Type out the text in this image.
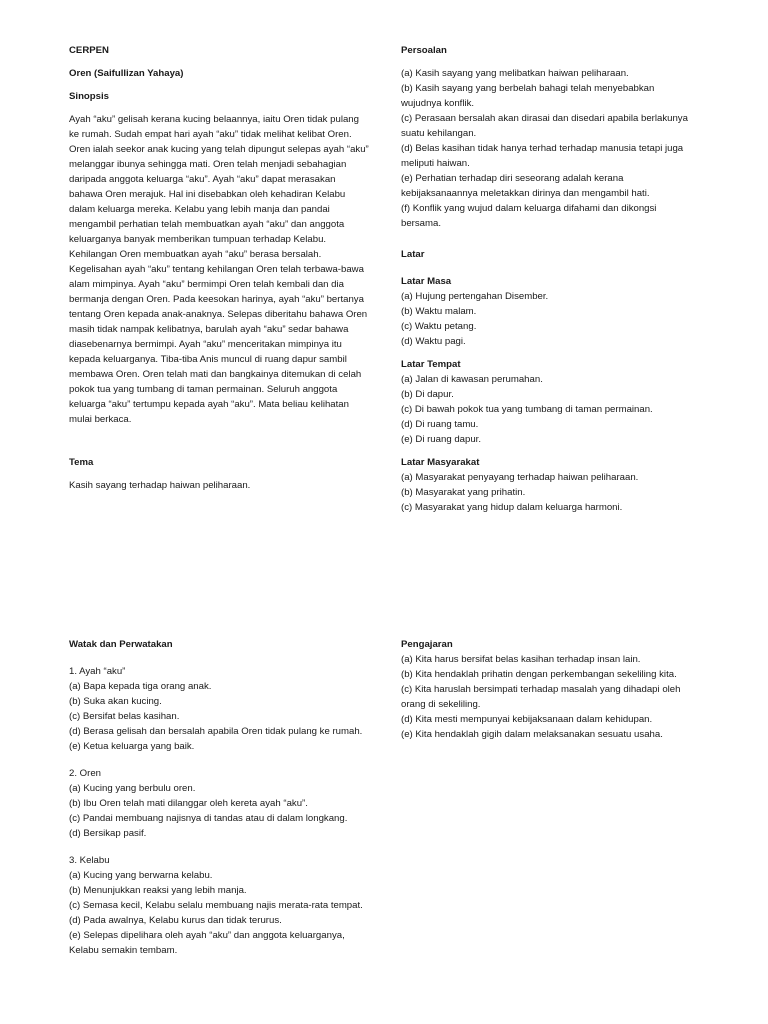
CERPEN

Oren (Saifullizan Yahaya)

Sinopsis

Ayah “aku” gelisah kerana kucing belaannya, iaitu Oren tidak pulang ke rumah. Sudah empat hari ayah “aku” tidak melihat kelibat Oren. Oren ialah seekor anak kucing yang telah dipungut selepas ayah “aku” melanggar ibunya sehingga mati. Oren telah menjadi sebahagian daripada anggota keluarga “aku”. Ayah “aku” dapat merasakan bahawa Oren merajuk. Hal ini disebabkan oleh kehadiran Kelabu dalam keluarga mereka. Kelabu yang lebih manja dan pandai mengambil perhatian telah membuatkan ayah “aku” dan anggota keluarganya banyak memberikan tumpuan terhadap Kelabu. Kehilangan Oren membuatkan ayah “aku” berasa bersalah. Kegelisahan ayah “aku” tentang kehilangan Oren telah terbawa-bawa alam mimpinya. Ayah “aku” bermimpi Oren telah kembali dan dia bermanja dengan Oren. Pada keesokan harinya, ayah “aku” bertanya tentang Oren kepada anak-anaknya. Selepas diberitahu bahawa Oren masih tidak nampak kelibatnya, barulah ayah “aku” sedar bahawa diasebenarnya bermimpi. Ayah “aku” menceritakan mimpinya itu kepada keluarganya. Tiba-tiba Anis muncul di ruang dapur sambil membawa Oren. Oren telah mati dan bangkainya ditemukan di celah pokok tua yang tumbang di taman permainan. Seluruh anggota keluarga “aku” tertumpu kepada ayah “aku”. Mata beliau kelihatan mulai berkaca.

Tema

Kasih sayang terhadap haiwan peliharaan.

Persoalan

(a) Kasih sayang yang melibatkan haiwan peliharaan.
(b) Kasih sayang yang berbelah bahagi telah menyebabkan wujudnya konflik.
(c) Perasaan bersalah akan dirasai dan disedari apabila berlakunya suatu kehilangan.
(d) Belas kasihan tidak hanya terhad terhadap manusia tetapi juga meliputi haiwan.
(e) Perhatian terhadap diri seseorang adalah kerana kebijaksanaannya meletakkan dirinya dan mengambil hati.
(f) Konflik yang wujud dalam keluarga difahami dan dikongsi bersama.

Latar

Latar Masa

(a) Hujung pertengahan Disember.
(b) Waktu malam.
(c) Waktu petang.
(d) Waktu pagi.

Latar Tempat

(a) Jalan di kawasan perumahan.
(b) Di dapur.
(c) Di bawah pokok tua yang tumbang di taman permainan.
(d) Di ruang tamu.
(e) Di ruang dapur.

Latar Masyarakat

(a) Masyarakat penyayang terhadap haiwan peliharaan.
(b) Masyarakat yang prihatin.
(c) Masyarakat yang hidup dalam keluarga harmoni.

Watak dan Perwatakan

1. Ayah “aku”

(a) Bapa kepada tiga orang anak.
(b) Suka akan kucing.
(c) Bersifat belas kasihan.
(d) Berasa gelisah dan bersalah apabila Oren tidak pulang ke rumah.
(e) Ketua keluarga yang baik.

2. Oren

(a) Kucing yang berbulu oren.
(b) Ibu Oren telah mati dilanggar oleh kereta ayah “aku”.
(c) Pandai membuang najisnya di tandas atau di dalam longkang.
(d) Bersikap pasif.

3. Kelabu

(a) Kucing yang berwarna kelabu.
(b) Menunjukkan reaksi yang lebih manja.
(c) Semasa kecil, Kelabu selalu membuang najis merata-rata tempat.
(d) Pada awalnya, Kelabu kurus dan tidak terurus.
(e) Selepas dipelihara oleh ayah “aku” dan anggota keluarganya, Kelabu semakin tembam.

Pengajaran

(a) Kita harus bersifat belas kasihan terhadap insan lain.
(b) Kita hendaklah prihatin dengan perkembangan sekeliling kita.
(c) Kita haruslah bersimpati terhadap masalah yang dihadapi oleh orang di sekeliling.
(d) Kita mesti mempunyai kebijaksanaan dalam kehidupan.
(e) Kita hendaklah gigih dalam melaksanakan sesuatu usaha.
